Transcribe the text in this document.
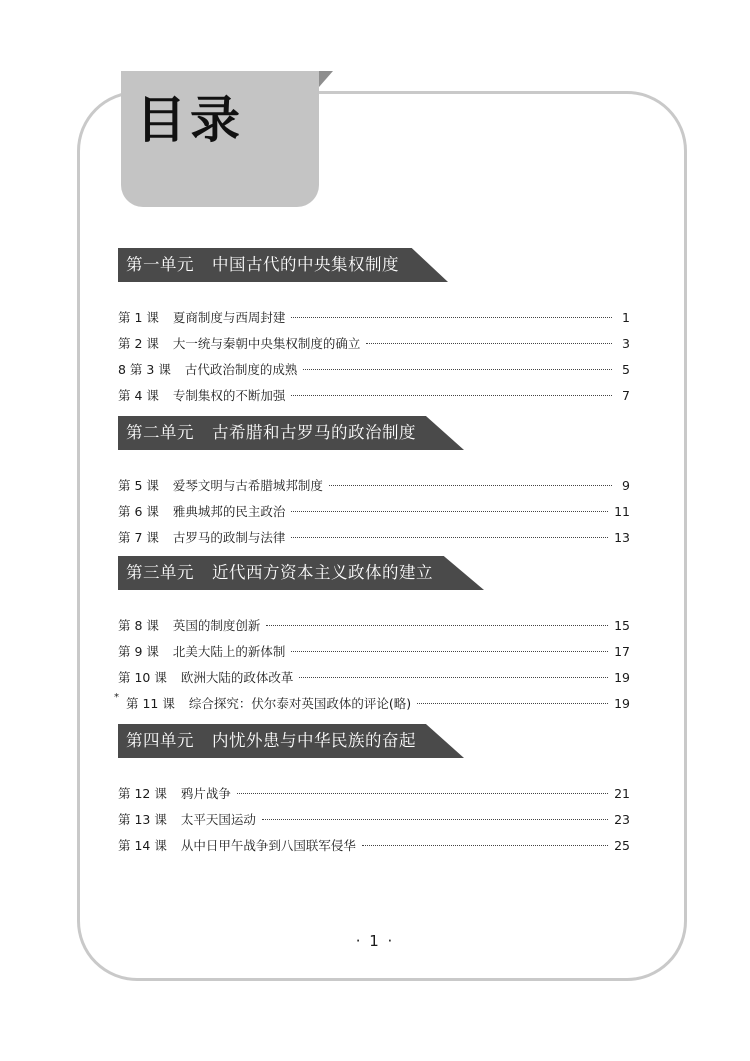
目录
第一单元 中国古代的中央集权制度
第 1 课 夏商制度与西周封建	1
第 2 课 大一统与秦朝中央集权制度的确立	3
8 第 3 课 古代政治制度的成熟	5
第 4 课 专制集权的不断加强	7
第二单元 古希腊和古罗马的政治制度
第 5 课 爱琴文明与古希腊城邦制度	9
第 6 课 雅典城邦的民主政治	11
第 7 课 古罗马的政制与法律	13
第三单元 近代西方资本主义政体的建立
第 8 课 英国的制度创新	15
第 9 课 北美大陆上的新体制	17
第 10 课 欧洲大陆的政体改革	19
* 第 11 课 综合探究：伏尔泰对英国政体的评论(略)	19
第四单元 内忧外患与中华民族的奋起
第 12 课 鸦片战争	21
第 13 课 太平天国运动	23
第 14 课 从中日甲午战争到八国联军侵华	25
· 1 ·
